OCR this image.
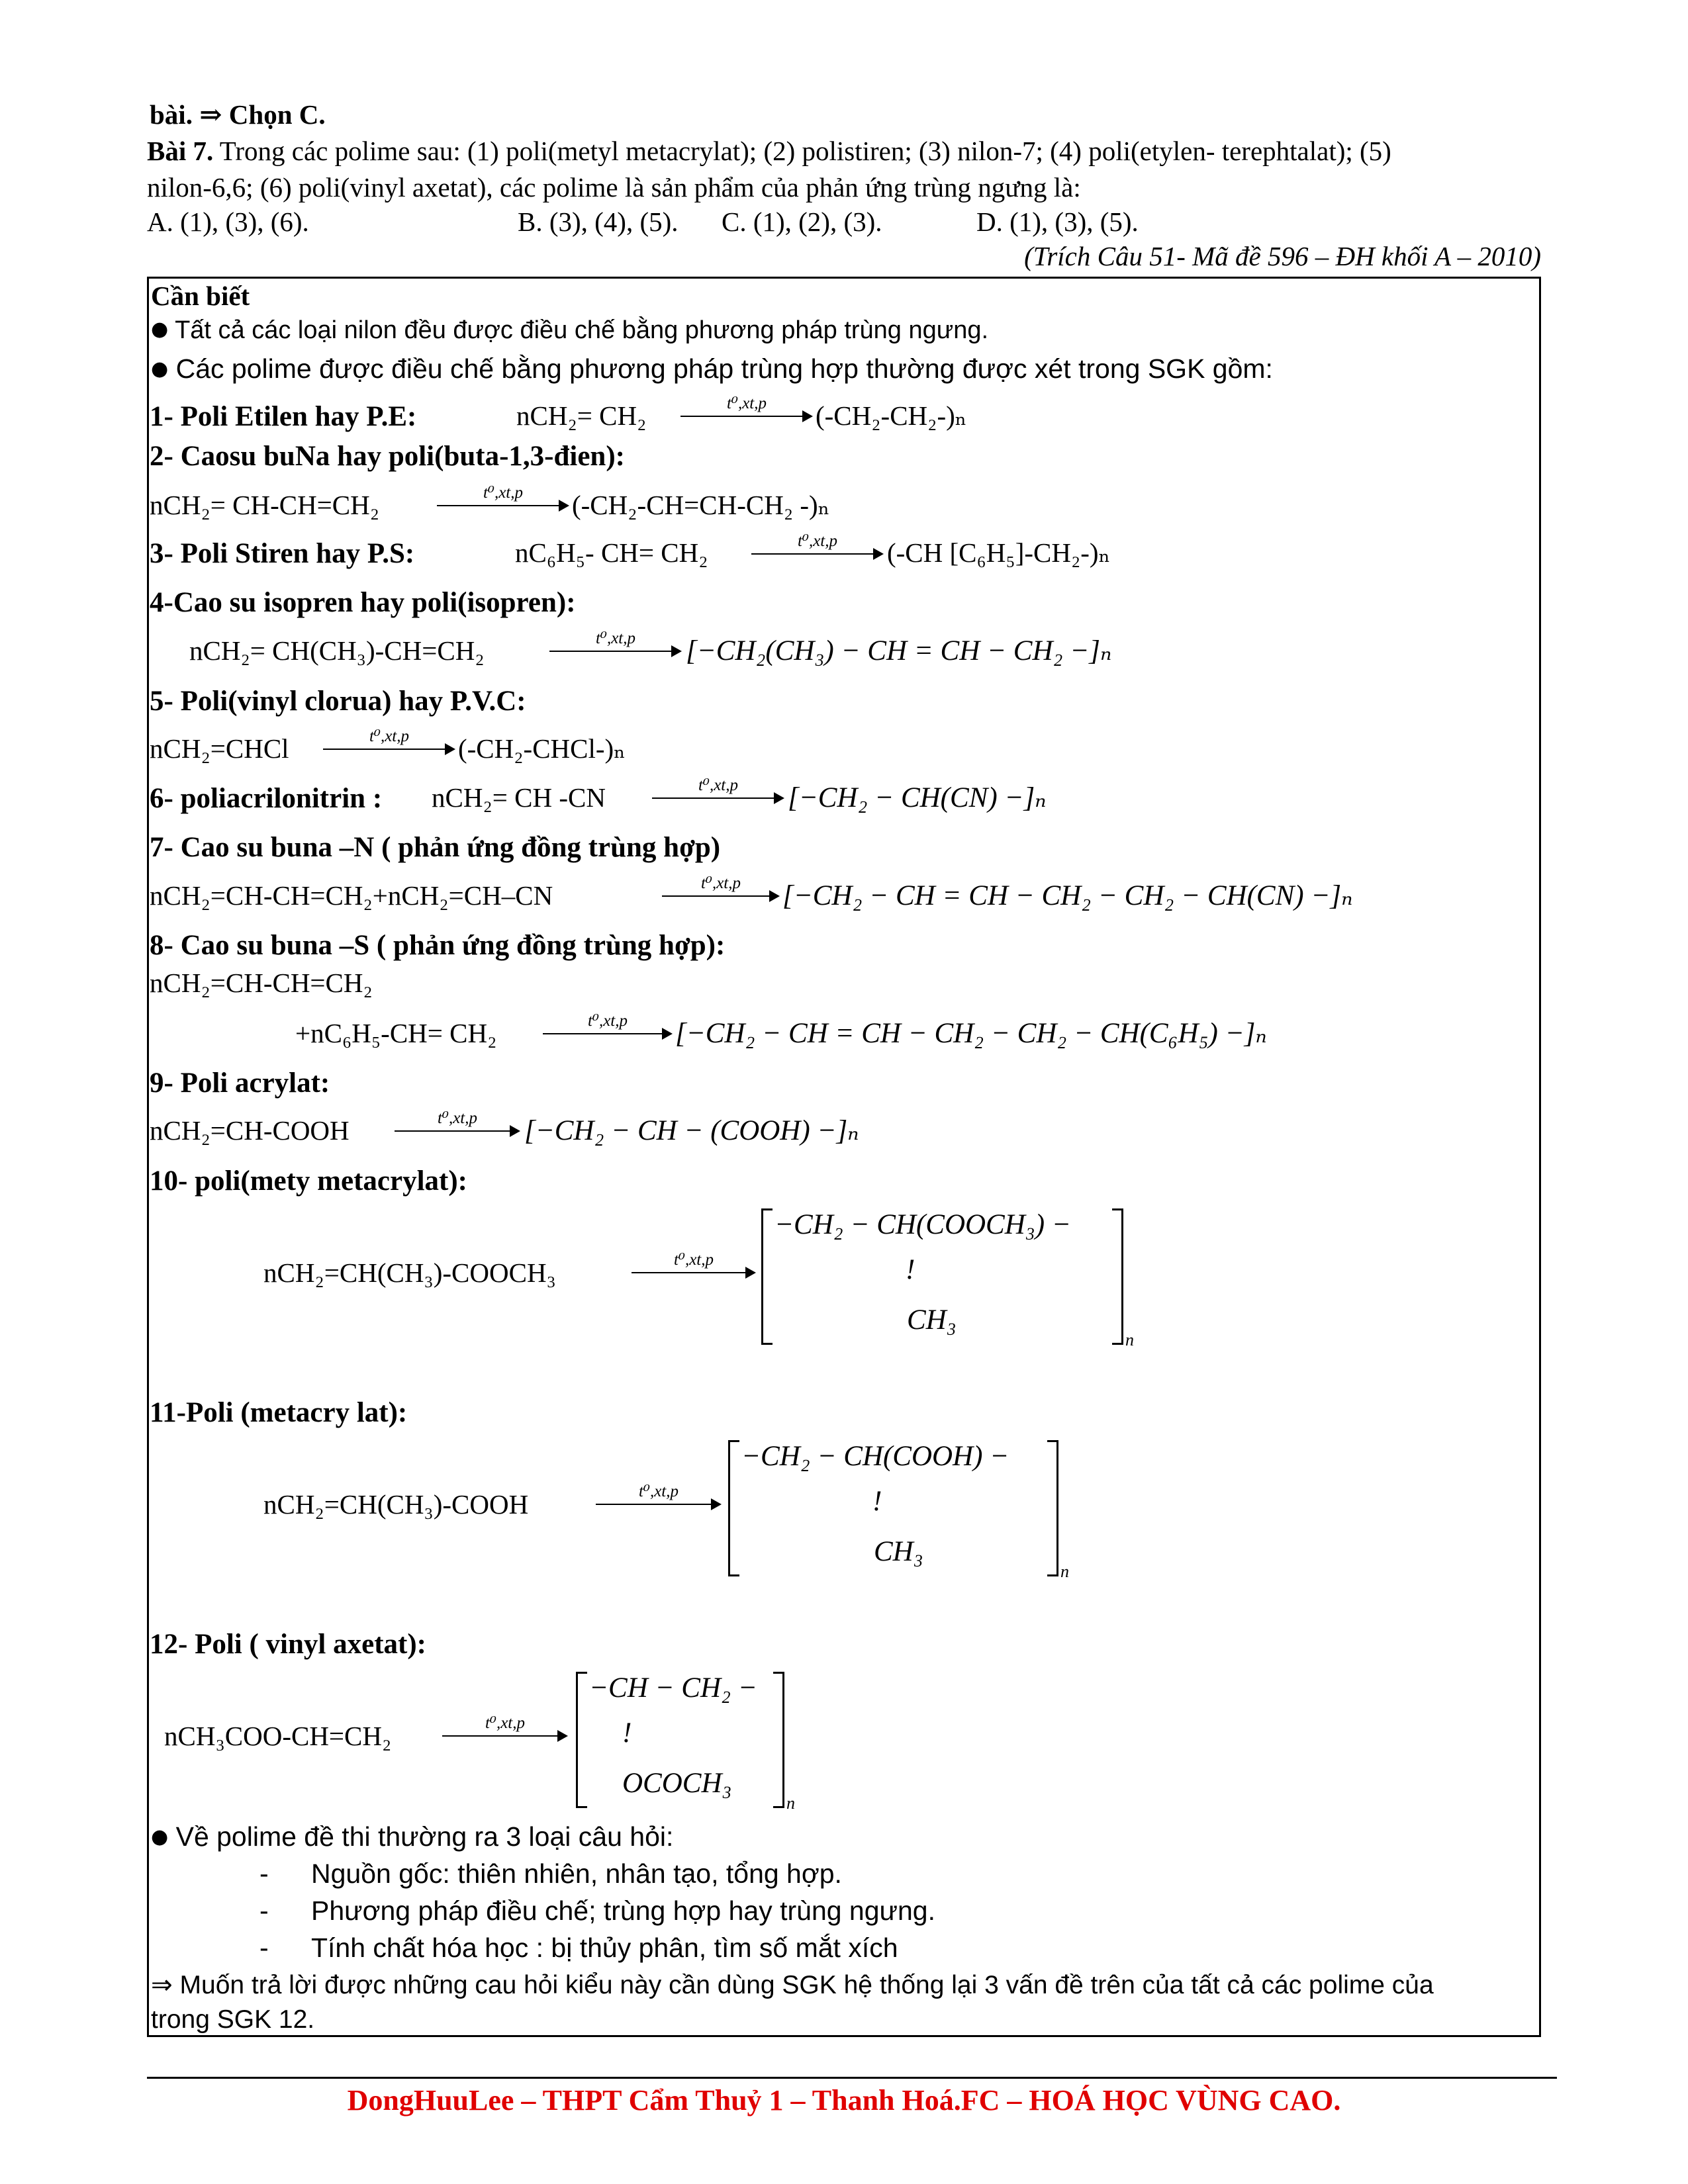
bài. ⇒ Chọn C.
Bài 7. Trong các polime sau: (1) poli(metyl metacrylat); (2) polistiren; (3) nilon-7; (4) poli(etylen- terephtalat); (5)
nilon-6,6; (6) poli(vinyl axetat), các polime là sản phẩm của phản ứng trùng ngưng là:
A. (1), (3), (6).	B. (3), (4), (5). C. (1), (2), (3).	D. (1), (3), (5).
(Trích Câu 51- Mã đề 596 – ĐH khối A – 2010)
Cần biết
● Tất cả các loại nilon đều được điều chế bằng phương pháp trùng ngưng.
● Các polime được điều chế bằng phương pháp trùng hợp thường được xét trong SGK gồm:
1- Poli Etilen hay P.E:	nCH₂= CH₂	t⁰,xt,p	(-CH₂-CH₂-)ₙ
2- Caosu buNa hay poli(buta-1,3-đien):
nCH₂= CH-CH=CH₂	t⁰,xt,p	(-CH₂-CH=CH-CH₂ -)ₙ
3- Poli Stiren hay P.S:	nC₆H₅- CH= CH₂	t⁰,xt,p	(-CH [C₆H₅]-CH₂-)ₙ
4-Cao su isopren hay poli(isopren):
nCH₂= CH(CH₃)-CH=CH₂	t⁰,xt,p	[−CH₂(CH₃) − CH = CH − CH₂ −]ₙ
5- Poli(vinyl clorua) hay P.V.C:
nCH₂=CHCl	t⁰,xt,p	(-CH₂-CHCl-)ₙ
6- poliacrilonitrin : nCH₂= CH -CN	t⁰,xt,p	[−CH₂ − CH(CN) −]ₙ
7- Cao su buna –N ( phản ứng đồng trùng hợp)
nCH₂=CH-CH=CH₂+nCH₂=CH–CN	t⁰,xt,p	[−CH₂ − CH = CH − CH₂ − CH₂ − CH(CN) −]ₙ
8- Cao su buna –S ( phản ứng đồng trùng hợp):
nCH₂=CH-CH=CH₂
+nC₆H₅-CH= CH₂	t⁰,xt,p	[−CH₂ − CH = CH − CH₂ − CH₂ − CH(C₆H₅) −]ₙ
9- Poli acrylat:
nCH₂=CH-COOH	t⁰,xt,p	[−CH₂ − CH − (COOH) −]ₙ
10- poli(mety metacrylat):
nCH₂=CH(CH₃)-COOCH₃	t⁰,xt,p
−CH₂ − CH(COOCH₃) −
!
CH₃
n
11-Poli (metacry lat):
nCH₂=CH(CH₃)-COOH	t⁰,xt,p
−CH₂ − CH(COOH) −
!
CH₃
n
12- Poli ( vinyl axetat):
nCH₃COO-CH=CH₂	t⁰,xt,p
−CH − CH₂ −
!
OCOCH₃
n
● Về polime đề thi thường ra 3 loại câu hỏi:
- Nguồn gốc: thiên nhiên, nhân tạo, tổng hợp.
- Phương pháp điều chế; trùng hợp hay trùng ngưng.
- Tính chất hóa học : bị thủy phân, tìm số mắt xích
⇒ Muốn trả lời được những cau hỏi kiểu này cần dùng SGK hệ thống lại 3 vấn đề trên của tất cả các polime của
trong SGK 12.
DongHuuLee – THPT Cẩm Thuỷ 1 – Thanh Hoá.FC – HOÁ HỌC VÙNG CAO.
